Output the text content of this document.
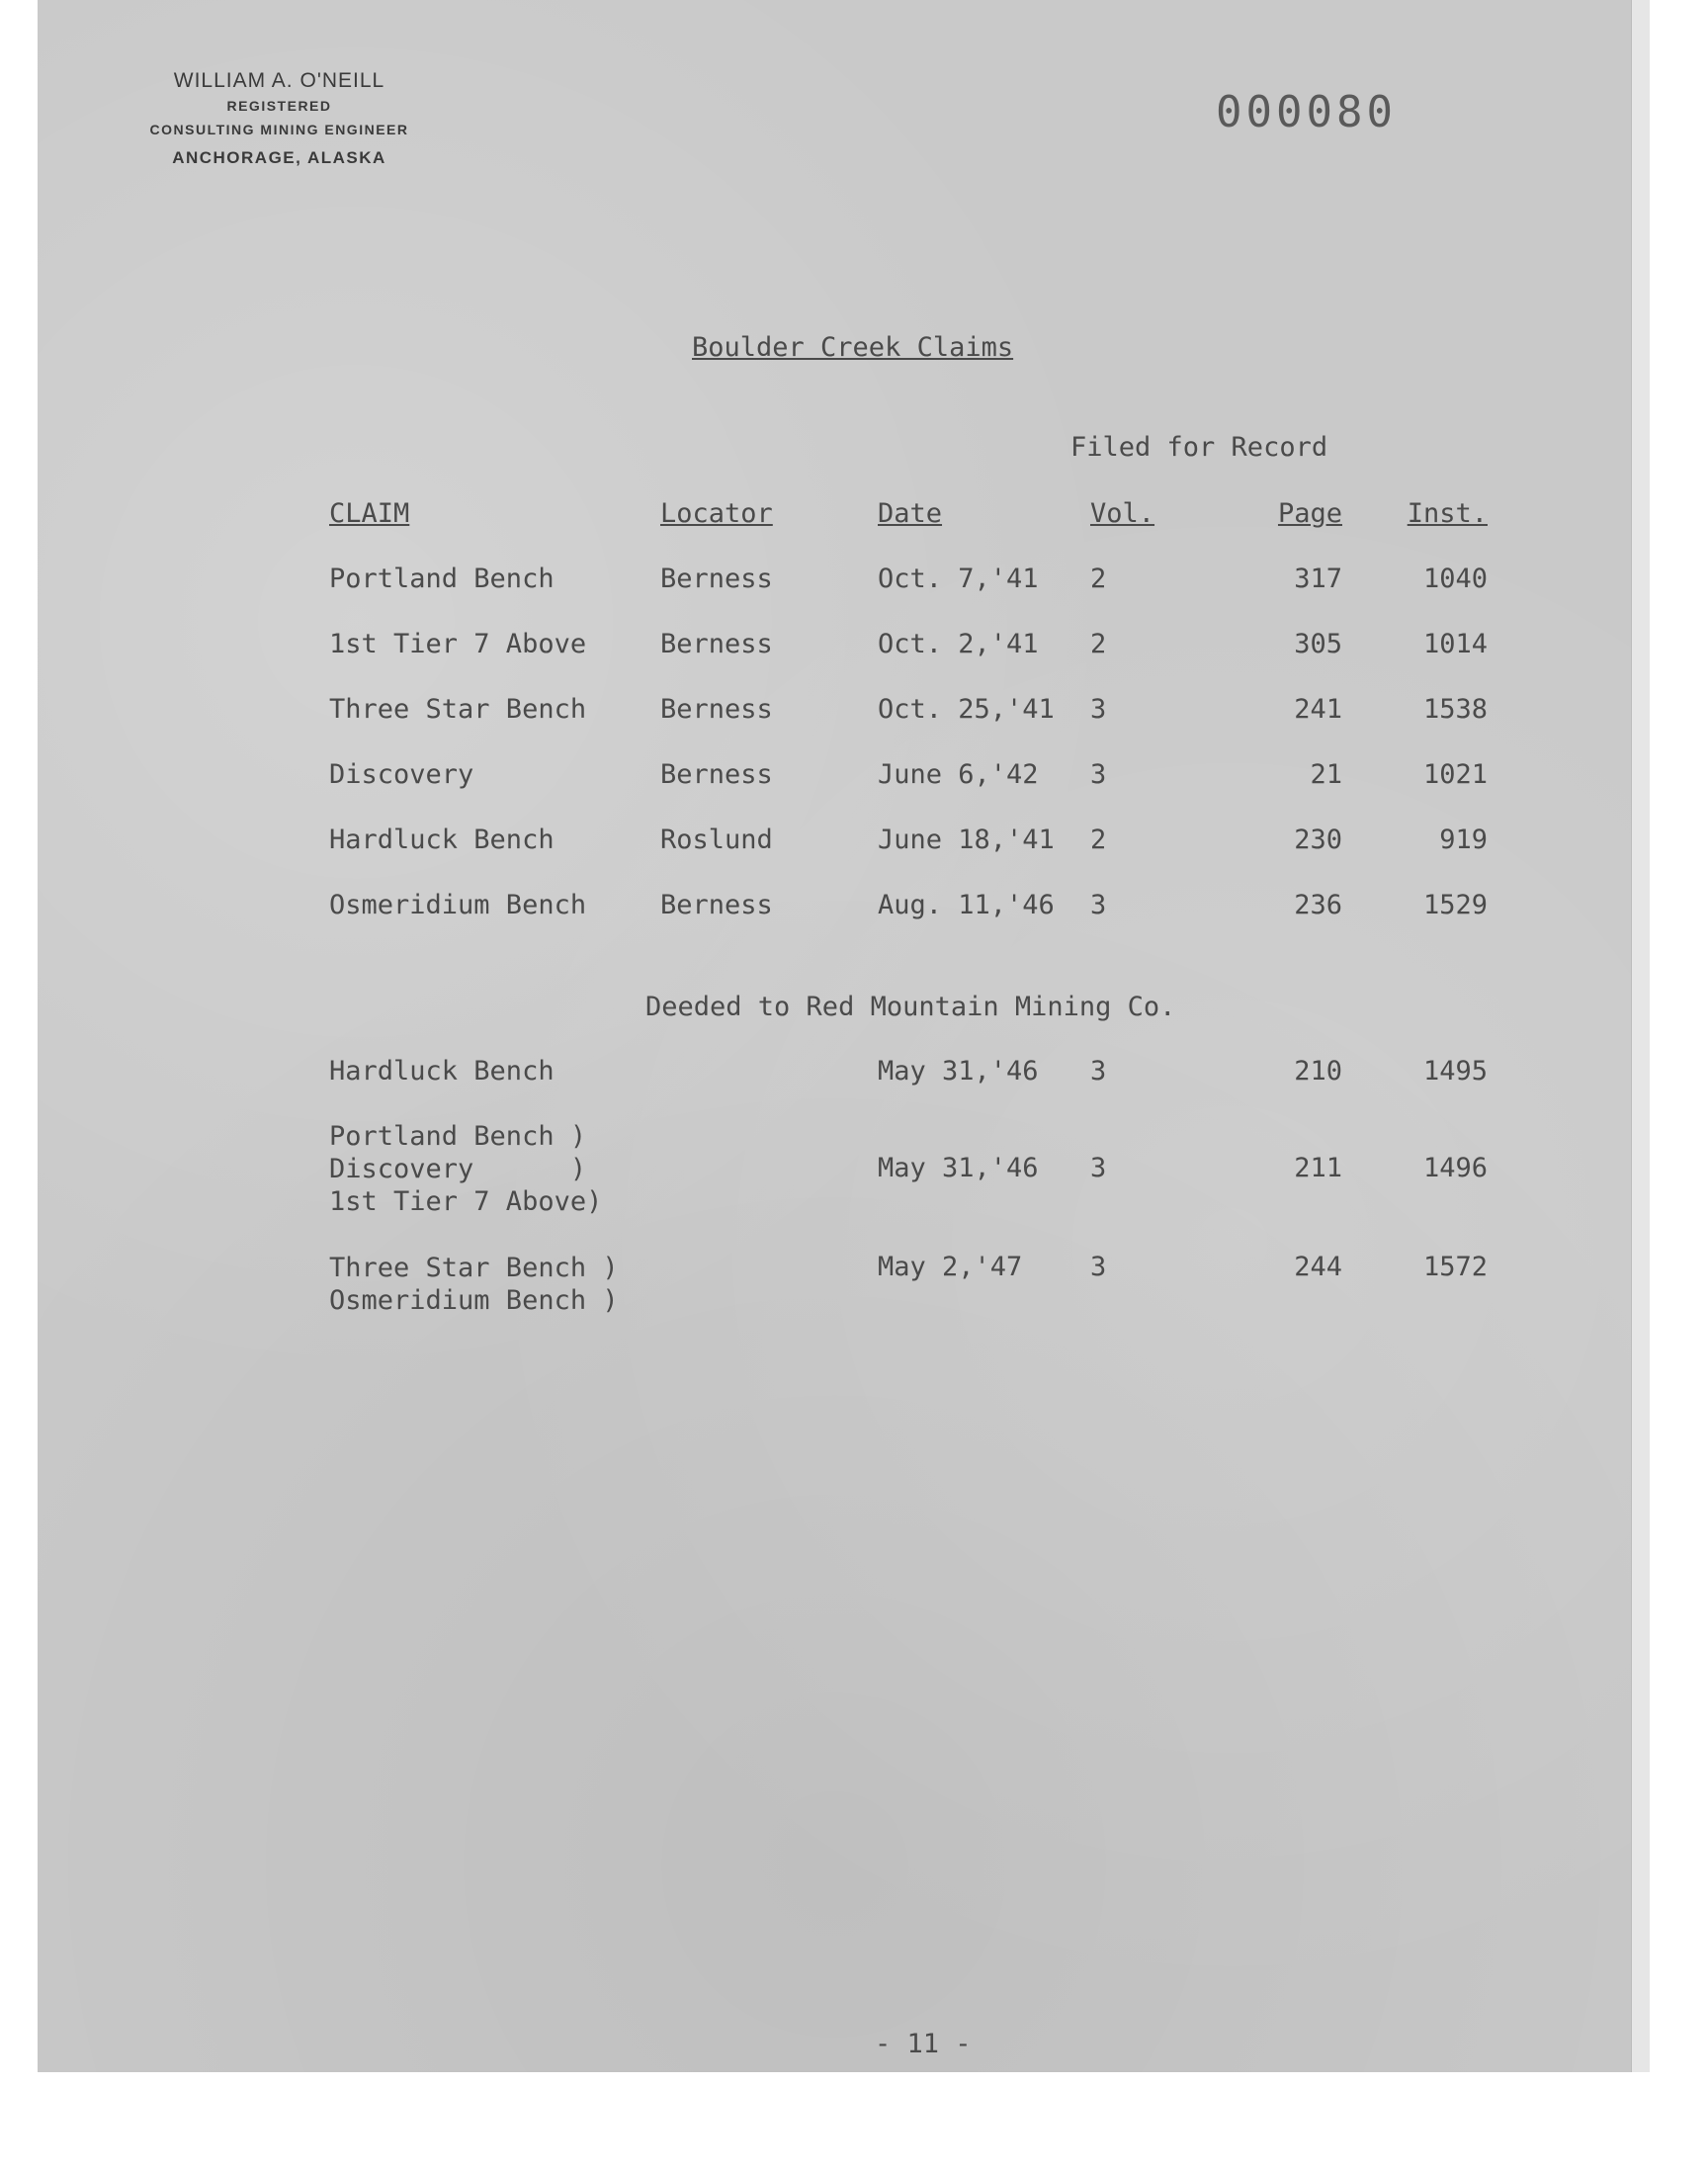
WILLIAM A. O'NEILL
REGISTERED
CONSULTING MINING ENGINEER
ANCHORAGE, ALASKA
000080
Boulder Creek Claims
Filed for Record
CLAIM	Locator	Date	Vol.	Page	Inst.
Portland Bench	Berness	Oct. 7,'41 2	317	1040
1st Tier 7 Above	Berness	Oct. 2,'41 2	305	1014
Three Star Bench	Berness	Oct. 25,'41 3	241	1538
Discovery	Berness	June 6,'42 3	21	1021
Hardluck Bench	Roslund	June 18,'41 2	230	919
Osmeridium Bench	Berness	Aug. 11,'46 3	236	1529
Deeded to Red Mountain Mining Co.
Hardluck Bench	May 31,'46 3	210	1495
Portland Bench )
Discovery      )
1st Tier 7 Above)
May 31,'46 3	211	1496
Three Star Bench )
Osmeridium Bench )
May 2,'47	3	244	1572
- 11 -
